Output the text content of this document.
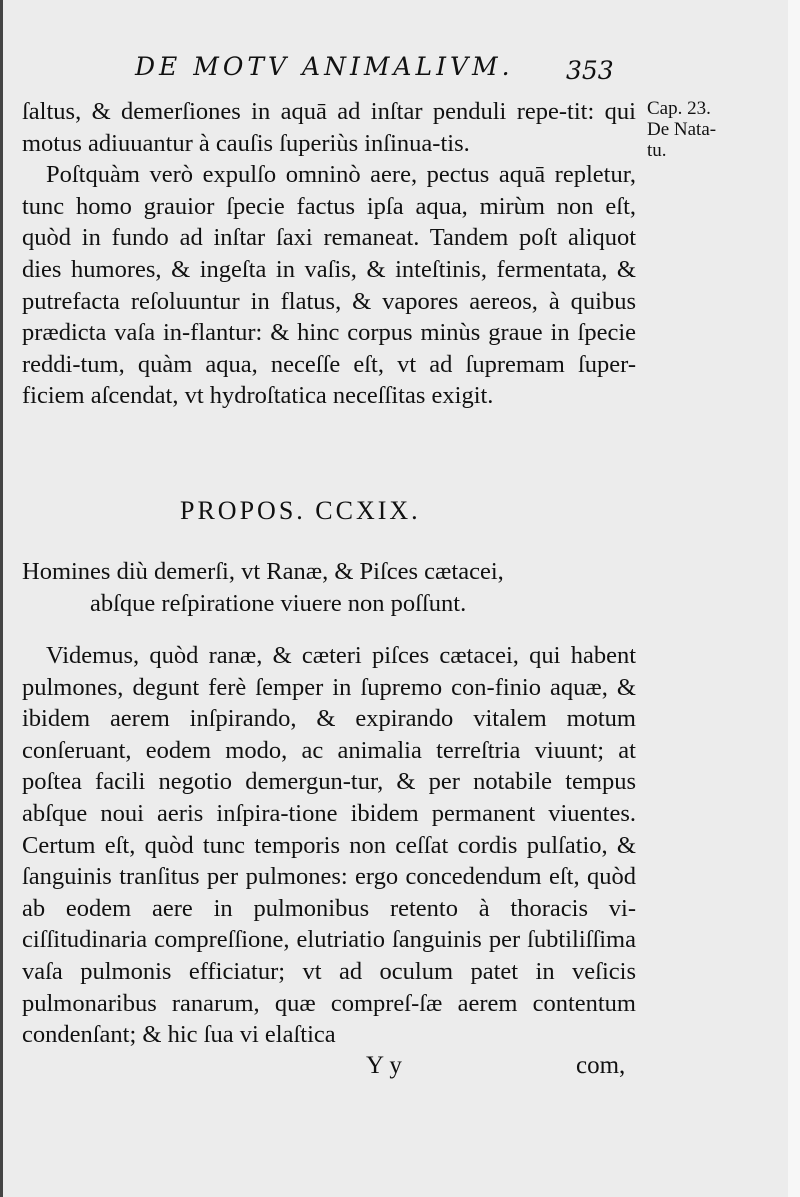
DE MOTV ANIMALIVM. 353
Cap. 23.
De Nata-
tu.

ſaltus, & demerſiones in aquā ad inſtar penduli repe-tit: qui motus adiuuantur à cauſis ſuperiùs inſinua-tis.

Poſtquàm verò expulſo omninò aere, pectus aquā repletur, tunc homo grauior ſpecie factus ipſa aqua, mirùm non eſt, quòd in fundo ad inſtar ſaxi remaneat. Tandem poſt aliquot dies humores, & ingeſta in vaſis, & inteſtinis, fermentata, & putrefacta reſoluuntur in flatus, & vapores aereos, à quibus prædicta vaſa in-flantur: & hinc corpus minùs graue in ſpecie reddi-tum, quàm aqua, neceſſe eſt, vt ad ſupremam ſuper-ficiem aſcendat, vt hydroſtatica neceſſitas exigit.

PROPOS. CCXIX.
Homines diù demerſi, vt Ranæ, & Piſces cætacei,
abſque reſpiratione viuere non poſſunt.

Videmus, quòd ranæ, & cæteri piſces cætacei, qui habent pulmones, degunt ferè ſemper in ſupremo con-finio aquæ, & ibidem aerem inſpirando, & expirando vitalem motum conſeruant, eodem modo, ac animalia terreſtria viuunt; at poſtea facili negotio demergun-tur, & per notabile tempus abſque noui aeris inſpira-tione ibidem permanent viuentes. Certum eſt, quòd tunc temporis non ceſſat cordis pulſatio, & ſanguinis tranſitus per pulmones: ergo concedendum eſt, quòd ab eodem aere in pulmonibus retento à thoracis vi-ciſſitudinaria compreſſione, elutriatio ſanguinis per ſubtiliſſima vaſa pulmonis efficiatur; vt ad oculum patet in veſicis pulmonaribus ranarum, quæ compreſ-ſæ aerem contentum condenſant; & hic ſua vi elaſtica

Y y	com,
